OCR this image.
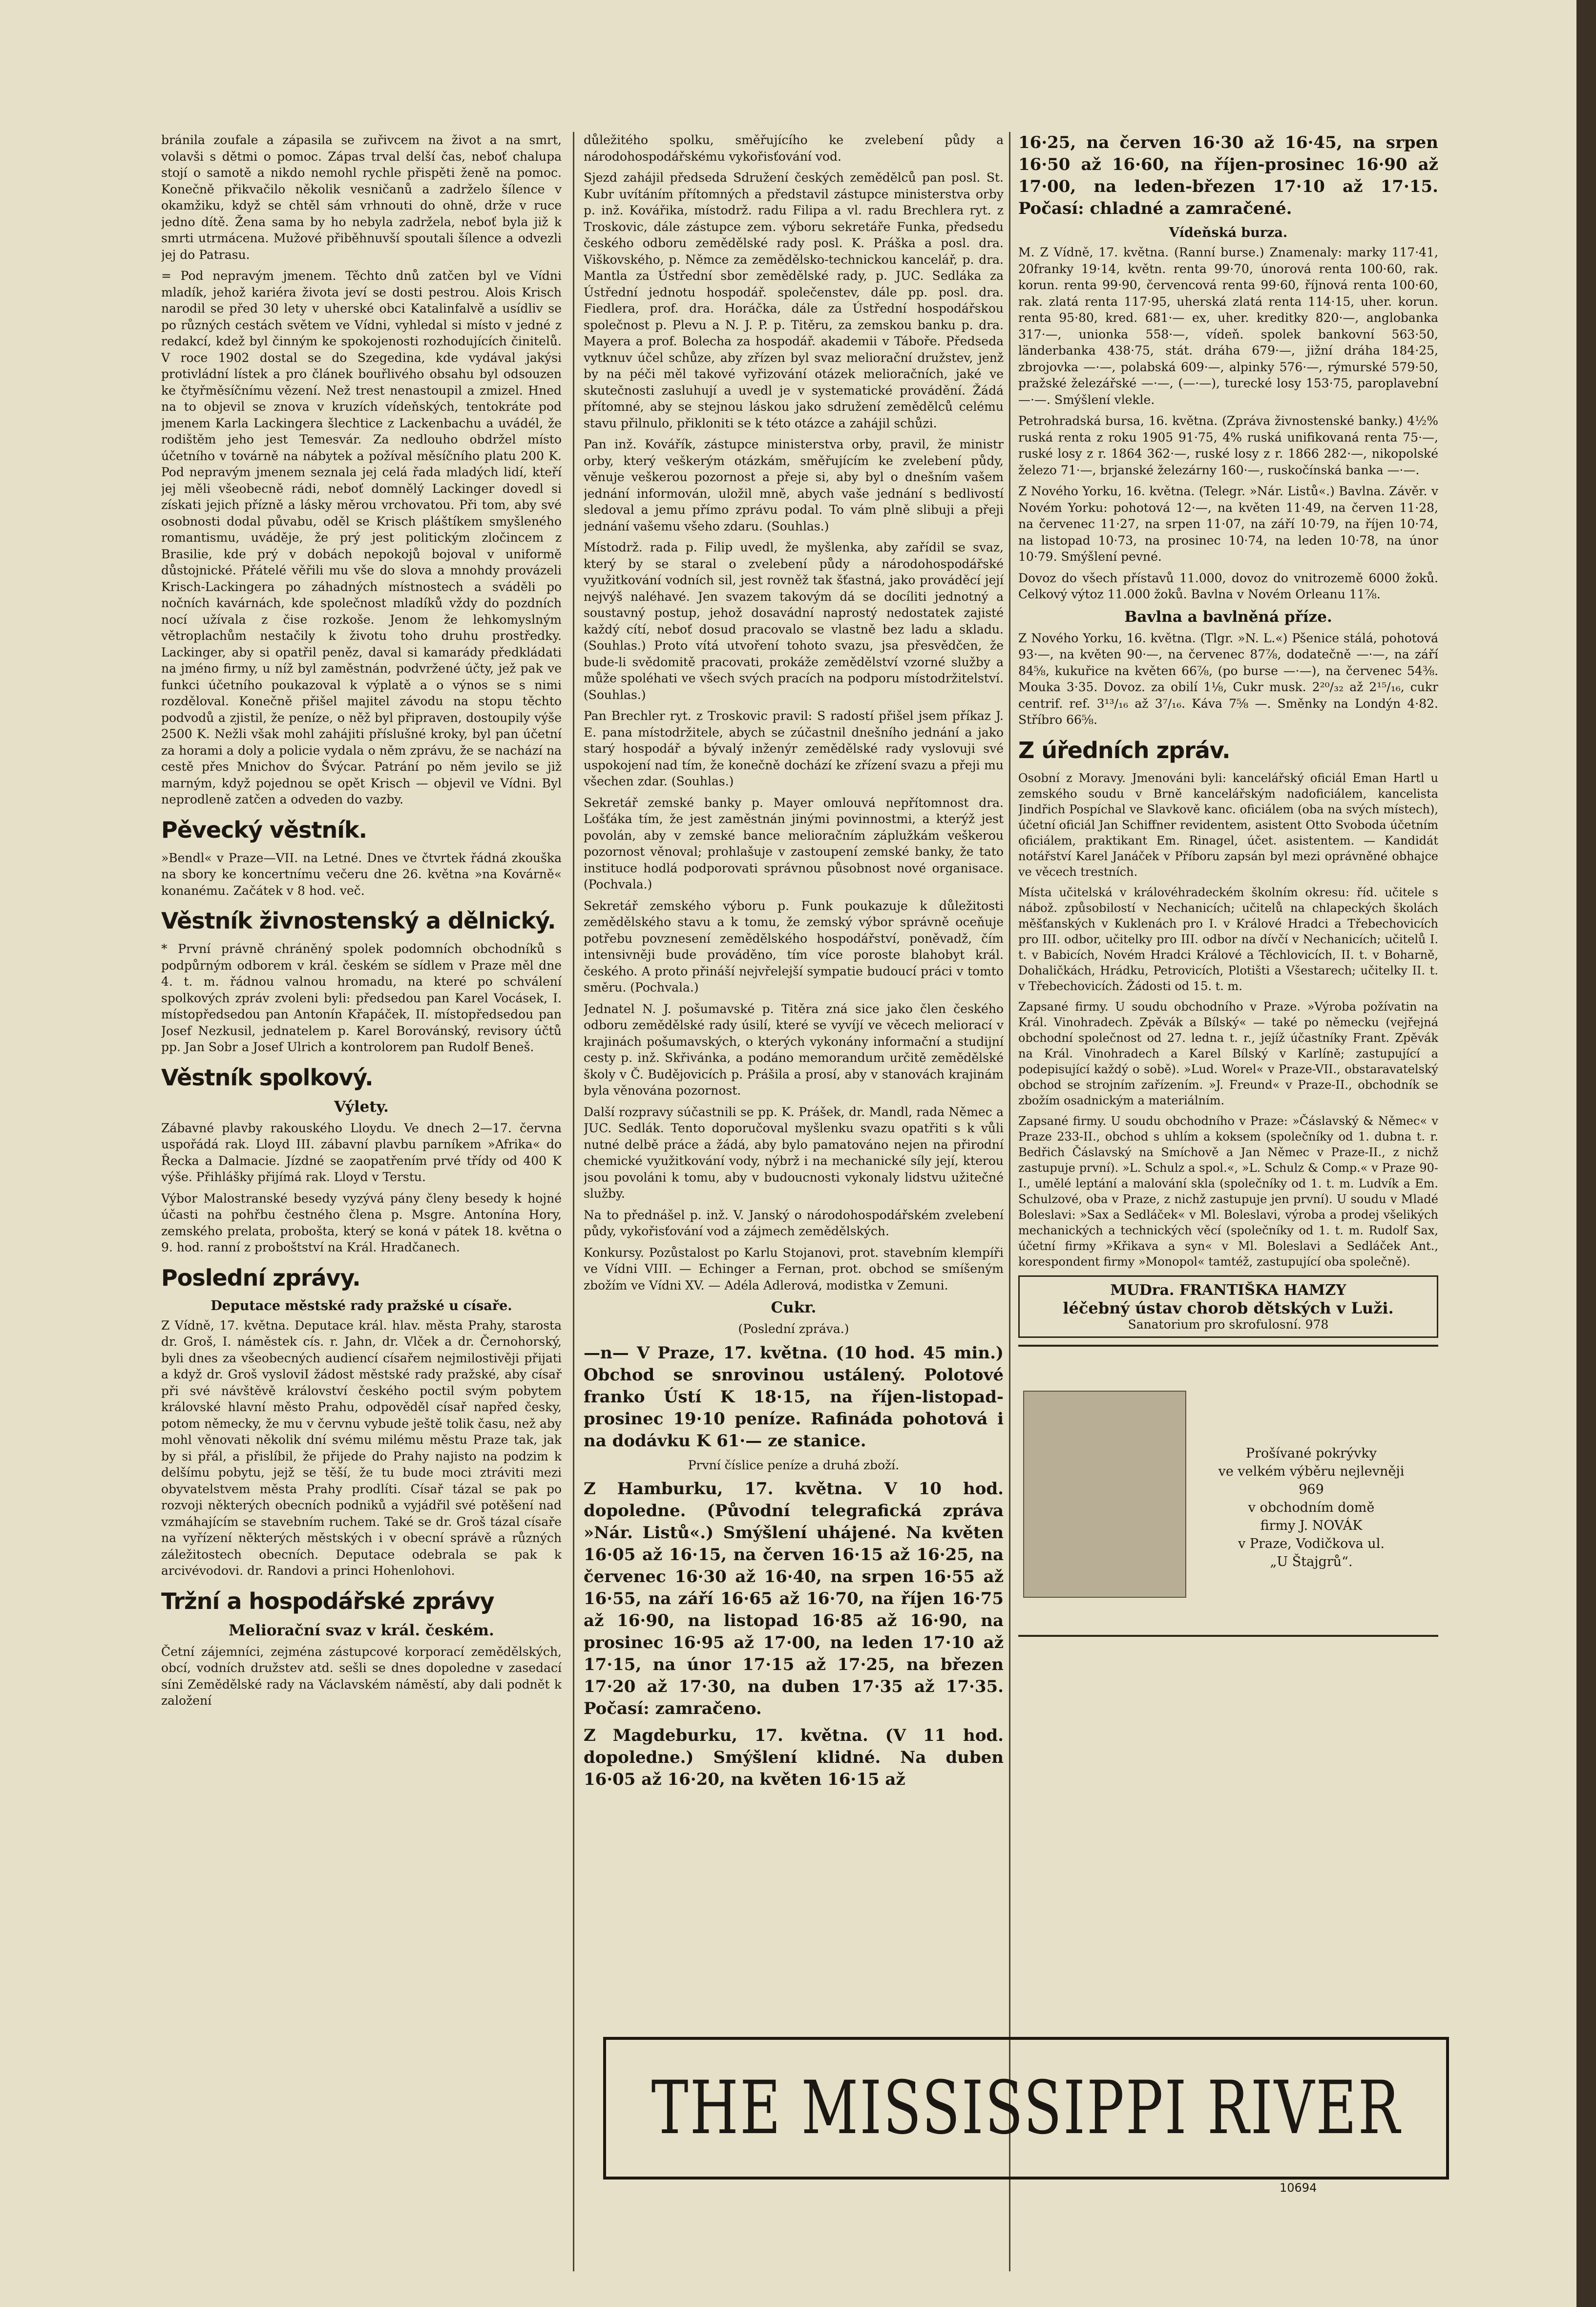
bránila zoufale a zápasila se zuřivcem na život a na smrt, volavši s dětmi o pomoc. Zápas trval delší čas, neboť chalupa stojí o samotě a nikdo nemohl rychle přispěti ženě na pomoc. Konečně přikvačilo několik vesničanů a zadrželo šílence v okamžiku, když se chtěl sám vrhnouti do ohně, drže v ruce jedno dítě. Žena sama by ho nebyla zadržela, neboť byla již k smrti utrmácena. Mužové přiběhnuvší spoutali šílence a odvezli jej do Patrasu.

= Pod nepravým jmenem. Těchto dnů zatčen byl ve Vídni mladík, jehož kariéra života jeví se dosti pestrou. Alois Krisch narodil se před 30 lety v uherské obci Katalinfalvě a usídliv se po různých cestách světem ve Vídni, vyhledal si místo v jedné z redakcí, kdež byl činným ke spokojenosti rozhodujících činitelů. V roce 1902 dostal se do Szegedina, kde vydával jakýsi protivládní lístek a pro článek bouřlivého obsahu byl odsouzen ke čtyřměsíčnímu vězení. Než trest nenastoupil a zmizel. Hned na to objevil se znova v kruzích vídeňských, tentokráte pod jmenem Karla Lackingera šlechtice z Lackenbachu a uvádél, že rodištěm jeho jest Temesvár. Za nedlouho obdržel místo účetního v továrně na nábytek a požíval měsíčního platu 200 K. Pod nepravým jmenem seznala jej celá řada mladých lidí, kteří jej měli všeobecně rádi, neboť domnělý Lackinger dovedl si získati jejich přízně a lásky měrou vrchovatou. Při tom, aby své osobnosti dodal půvabu, oděl se Krisch pláštíkem smyšleného romantismu, uváděje, že prý jest politickým zločincem z Brasilie, kde prý v dobách nepokojů bojoval v uniformě důstojnické. Přátelé věřili mu vše do slova a mnohdy provázeli Krisch-Lackingera po záhadných místnostech a sváděli po nočních kavárnách, kde společnost mladíků vždy do pozdních nocí užívala z čise rozkoše. Jenom že lehkomyslným větroplachům nestačily k životu toho druhu prostředky. Lackinger, aby si opatřil peněz, daval si kamarády předkládati na jméno firmy, u níž byl zaměstnán, podvržené účty, jež pak ve funkci účetního poukazoval k výplatě a o výnos se s nimi rozděloval. Konečně přišel majitel závodu na stopu těchto podvodů a zjistil, že peníze, o něž byl připraven, dostoupily výše 2500 K. Nežli však mohl zahájiti příslušné kroky, byl pan účetní za horami a doly a policie vydala o něm zprávu, že se nachází na cestě přes Mnichov do Švýcar. Patrání po něm jevilo se již marným, když pojednou se opět Krisch — objevil ve Vídni. Byl neprodleně zatčen a odveden do vazby.

Pěvecký věstník.

»Bendl« v Praze—VII. na Letné. Dnes ve čtvrtek řádná zkouška na sbory ke koncertnímu večeru dne 26. května »na Kovárně« konanému. Začátek v 8 hod. več.

Věstník živnostenský a dělnický.

* První právně chráněný spolek podomních obchodníků s podpůrným odborem v král. českém se sídlem v Praze měl dne 4. t. m. řádnou valnou hromadu, na které po schválení spolkových zpráv zvoleni byli: předsedou pan Karel Vocásek, I. místopředsedou pan Antonín Křapáček, II. místopředsedou pan Josef Nezkusil, jednatelem p. Karel Borovánský, revisory účtů pp. Jan Sobr a Josef Ulrich a kontrolorem pan Rudolf Beneš.

Věstník spolkový.
Výlety.

Zábavné plavby rakouského Lloydu. Ve dnech 2—17. června uspořádá rak. Lloyd III. zábavní plavbu parníkem »Afrika« do Řecka a Dalmacie. Jízdné se zaopatřením prvé třídy od 400 K výše. Přihlášky přijímá rak. Lloyd v Terstu.

Výbor Malostranské besedy vyzývá pány členy besedy k hojné účasti na pohřbu čestného člena p. Msgre. Antonína Hory, zemského prelata, probošta, který se koná v pátek 18. května o 9. hod. ranní z proboštství na Král. Hradčanech.

Poslední zprávy.
Deputace městské rady pražské u císaře.

Z Vídně, 17. května. Deputace král. hlav. města Prahy, starosta dr. Groš, I. náměstek cís. r. Jahn, dr. Vlček a dr. Černohorský, byli dnes za všeobecných audiencí císařem nejmilostivěji přijati a když dr. Groš vysloviI žádost městské rady pražské, aby císař při své návštěvě království českého poctil svým pobytem královské hlavní město Prahu, odpověděl císař napřed česky, potom německy, že mu v červnu vybude ještě tolik času, než aby mohl věnovati několik dní svému milému městu Praze tak, jak by si přál, a přislíbil, že přijede do Prahy najisto na podzim k delšímu pobytu, jejž se těší, že tu bude moci ztráviti mezi obyvatelstvem města Prahy prodlíti. Císař tázal se pak po rozvoji některých obecních podniků a vyjádřil své potěšení nad vzmáhajícím se stavebním ruchem. Také se dr. Groš tázal císaře na vyřízení některých městských i v obecní správě a různých záležitostech obecních. Deputace odebrala se pak k arcivévodovi. dr. Randovi a princi Hohenlohovi.

Tržní a hospodářské zprávy
Meliorační svaz v král. českém.

Četní zájemníci, zejména zástupcové korporací zemědělských, obcí, vodních družstev atd. sešli se dnes dopoledne v zasedací síni Zemědělské rady na Václavském náměstí, aby dali podnět k založení

důležitého spolku, směřujícího ke zvelebení půdy a národohospodářskému vykořisťování vod.

Sjezd zahájil předseda Sdružení českých zemědělců pan posl. St. Kubr uvítáním přítomných a představil zástupce ministerstva orby p. inž. Kovářika, místodrž. radu Filipa a vl. radu Brechlera ryt. z Troskovic, dále zástupce zem. výboru sekretáře Funka, předsedu českého odboru zemědělské rady posl. K. Práška a posl. dra. Viškovského, p. Němce za zemědělsko-technickou kancelář, p. dra. Mantla za Ústřední sbor zemědělské rady, p. JUC. Sedláka za Ústřední jednotu hospodář. společenstev, dále pp. posl. dra. Fiedlera, prof. dra. Horáčka, dále za Ústřední hospodářskou společnost p. Plevu a N. J. P. p. Titěru, za zemskou banku p. dra. Mayera a prof. Bolecha za hospodář. akademii v Táboře. Předseda vytknuv účel schůze, aby zřízen byl svaz meliorační družstev, jenž by na péči měl takové vyřizování otázek melioračních, jaké ve skutečnosti zasluhují a uvedl je v systematické provádění. Žádá přítomné, aby se stejnou láskou jako sdružení zemědělců celému stavu přilnulo, přikloniti se k této otázce a zahájil schůzi.

Pan inž. Kovářík, zástupce ministerstva orby, pravil, že ministr orby, který veškerým otázkám, směřujícím ke zvelebení půdy, věnuje veškerou pozornost a přeje si, aby byl o dnešním vašem jednání informován, uložil mně, abych vaše jednání s bedlivostí sledoval a jemu přímo zprávu podal. To vám plně slibuji a přeji jednání vašemu všeho zdaru. (Souhlas.)

Místodrž. rada p. Filip uvedl, že myšlenka, aby zařídil se svaz, který by se staral o zvelebení půdy a národohospodářské využitkování vodních sil, jest rovněž tak šťastná, jako prováděcí její nejvýš naléhavé. Jen svazem takovým dá se docíliti jednotný a soustavný postup, jehož dosavádní naprostý nedostatek zajisté každý cítí, neboť dosud pracovalo se vlastně bez ladu a skladu. (Souhlas.) Proto vítá utvoření tohoto svazu, jsa přesvědčen, že bude-li svědomitě pracovati, prokáže zemědělství vzorné služby a může spoléhati ve všech svých pracích na podporu místodržitelství. (Souhlas.)

Pan Brechler ryt. z Troskovic pravil: S radostí přišel jsem příkaz J. E. pana místodržitele, abych se zúčastnil dnešního jednání a jako starý hospodář a bývalý inženýr zemědělské rady vyslovuji své uspokojení nad tím, že konečně dochází ke zřízení svazu a přeji mu všechen zdar. (Souhlas.)

Sekretář zemské banky p. Mayer omlouvá nepřítomnost dra. Lošťáka tím, že jest zaměstnán jinými povinnostmi, a kterýž jest povolán, aby v zemské bance melioračním záplužkám veškerou pozornost věnoval; prohlašuje v zastoupení zemské banky, že tato instituce hodlá podporovati správnou působnost nové organisace. (Pochvala.)

Sekretář zemského výboru p. Funk poukazuje k důležitosti zemědělského stavu a k tomu, že zemský výbor správně oceňuje potřebu povznesení zemědělského hospodářství, poněvadž, čím intensivněji bude prováděno, tím více poroste blahobyt král. českého. A proto přináší nejvřelejší sympatie budoucí práci v tomto směru. (Pochvala.)

Jednatel N. J. pošumavské p. Titěra zná sice jako člen českého odboru zemědělské rady úsilí, které se vyvíjí ve věcech meliorací v krajinách pošumavských, o kterých vykonány informační a studijní cesty p. inž. Skřivánka, a podáno memorandum určitě zemědělské školy v Č. Budějovicích p. Prášila a prosí, aby v stanovách krajinám byla věnována pozornost.

Další rozpravy súčastnili se pp. K. Prášek, dr. Mandl, rada Němec a JUC. Sedlák. Tento doporučoval myšlenku svazu opatřiti s k vůli nutné delbě práce a žádá, aby bylo pamatováno nejen na přirodní chemické využitkování vody, nýbrž i na mechanické síly její, kterou jsou povoláni k tomu, aby v budoucnosti vykonaly lidstvu užitečné služby.

Na to přednášel p. inž. V. Janský o národohospodářském zvelebení půdy, vykořisťování vod a zájmech zemědělských.

Konkursy. Pozůstalost po Karlu Stojanovi, prot. stavebním klempíři ve Vídni VIII. — Echinger a Fernan, prot. obchod se smíšeným zbožím ve Vídni XV. — Adéla Adlerová, modistka v Zemuni.

Cukr.

(Poslední zpráva.)

—n— V Praze, 17. května. (10 hod. 45 min.) Obchod se snrovinou ustálený. Polotové franko Ústí K 18·15, na říjen-listopad-prosinec 19·10 peníze. Rafináda pohotová i na dodávku K 61·— ze stanice.

První číslice peníze a druhá zboží.

Z Hamburku, 17. května. V 10 hod. dopoledne. (Původní telegrafická zpráva »Nár. Listů«.) Smýšlení uhájené. Na květen 16·05 až 16·15, na červen 16·15 až 16·25, na červenec 16·30 až 16·40, na srpen 16·55 až 16·55, na září 16·65 až 16·70, na říjen 16·75 až 16·90, na listopad 16·85 až 16·90, na prosinec 16·95 až 17·00, na leden 17·10 až 17·15, na únor 17·15 až 17·25, na březen 17·20 až 17·30, na duben 17·35 až 17·35. Počasí: zamračeno.

Z Magdeburku, 17. května. (V 11 hod. dopoledne.) Smýšlení klidné. Na duben 16·05 až 16·20, na květen 16·15 až

16·25, na červen 16·30 až 16·45, na srpen 16·50 až 16·60, na říjen-prosinec 16·90 až 17·00, na leden-březen 17·10 až 17·15. Počasí: chladné a zamračené.

Vídeňská burza.

M. Z Vídně, 17. května. (Ranní burse.) Znamenaly: marky 117·41, 20franky 19·14, květn. renta 99·70, únorová renta 100·60, rak. korun. renta 99·90, červencová renta 99·60, říjnová renta 100·60, rak. zlatá renta 117·95, uherská zlatá renta 114·15, uher. korun. renta 95·80, kred. 681·— ex, uher. kreditky 820·—, anglobanka 317·—, unionka 558·—, vídeň. spolek bankovní 563·50, länderbanka 438·75, stát. dráha 679·—, jižní dráha 184·25, zbrojovka —·—, polabská 609·—, alpinky 576·—, rýmurské 579·50, pražské železářské —·—, (—·—), turecké losy 153·75, paroplavební —·—. Smýšlení vlekle.

Petrohradská bursa, 16. května. (Zpráva živnostenské banky.) 4½% ruská renta z roku 1905 91·75, 4% ruská unifikovaná renta 75·—, ruské losy z r. 1864 362·—, ruské losy z r. 1866 282·—, nikopolské železo 71·—, brjanské železárny 160·—, ruskočínská banka —·—.

Z Nového Yorku, 16. května. (Telegr. »Nár. Listů«.) Bavlna. Závěr. v Novém Yorku: pohotová 12·—, na květen 11·49, na červen 11·28, na červenec 11·27, na srpen 11·07, na září 10·79, na říjen 10·74, na listopad 10·73, na prosinec 10·74, na leden 10·78, na únor 10·79. Smýšlení pevné.

Dovoz do všech přístavů 11.000, dovoz do vnitrozemě 6000 žoků. Celkový výtoz 11.000 žoků. Bavlna v Novém Orleanu 11⅞.

Bavlna a bavlněná příze.

Z Nového Yorku, 16. května. (Tlgr. »N. L.«) Pšenice stálá, pohotová 93·—, na květen 90·—, na červenec 87⅞, dodatečně —·—, na září 84⅝, kukuřice na květen 66⅞, (po burse —·—), na červenec 54⅜. Mouka 3·35. Dovoz. za obilí 1⅛, Cukr musk. 2²⁰/₃₂ až 2¹⁵/₁₆, cukr centrif. ref. 3¹³/₁₆ až 3⁷/₁₆. Káva 7⅝ —. Směnky na Londýn 4·82. Stříbro 66⅝.

Z úředních zpráv.

Osobní z Moravy. Jmenováni byli: kancelářský oficiál Eman Hartl u zemského soudu v Brně kancelářským nadoficiálem, kancelista Jindřich Pospíchal ve Slavkově kanc. oficiálem (oba na svých místech), účetní oficiál Jan Schiffner revidentem, asistent Otto Svoboda účetním oficiálem, praktikant Em. Rinagel, účet. asistentem. — Kandidát notářství Karel Janáček v Příboru zapsán byl mezi oprávněné obhajce ve věcech trestních.

Místa učitelská v královéhradeckém školním okresu: říd. učitele s nábož. způsobilostí v Nechanicích; učitelů na chlapeckých školách měšťanských v Kuklenách pro I. v Králové Hradci a Třebechovicích pro III. odbor, učitelky pro III. odbor na dívčí v Nechanicích; učitelů I. t. v Babicích, Novém Hradci Králové a Těchlovicích, II. t. v Boharně, Dohaličkách, Hrádku, Petrovicích, Plotišti a Všestarech; učitelky II. t. v Třebechovicích. Žádosti od 15. t. m.

Zapsané firmy. U soudu obchodního v Praze. »Výroba požívatin na Král. Vinohradech. Zpěvák a Bílský« — také po německu (vejřejná obchodní společnost od 27. ledna t. r., jejíž účastníky Frant. Zpěvák na Král. Vinohradech a Karel Bílský v Karlíně; zastupující a podepisující každý o sobě). »Lud. Worel« v Praze-VII., obstaravatelský obchod se strojním zařízením. »J. Freund« v Praze-II., obchodník se zbožím osadnickým a materiálním.

Zapsané firmy. U soudu obchodního v Praze: »Čáslavský & Němec« v Praze 233-II., obchod s uhlím a koksem (společníky od 1. dubna t. r. Bedřich Čáslavský na Smíchově a Jan Němec v Praze-II., z nichž zastupuje první). »L. Schulz a spol.«, »L. Schulz & Comp.« v Praze 90-I., umělé leptání a malování skla (společníky od 1. t. m. Ludvík a Em. Schulzové, oba v Praze, z nichž zastupuje jen první). U soudu v Mladé Boleslavi: »Sax a Sedláček« v Ml. Boleslavi, výroba a prodej všelikých mechanických a technických věcí (společníky od 1. t. m. Rudolf Sax, účetní firmy »Křikava a syn« v Ml. Boleslavi a Sedláček Ant., korespondent firmy »Monopol« tamtéž, zastupující oba společně).

MUDra. FRANTIŠKA HAMZY
léčebný ústav chorob dětských v Luži.
Sanatorium pro skrofulosní. 978
Prošívané pokrývky
ve velkém výběru nejlevněji
969
v obchodním domě
firmy J. NOVÁK
v Praze, Vodičkova ul.
„U Štajgrů“.
THE MISSISSIPPI RIVER
10694
